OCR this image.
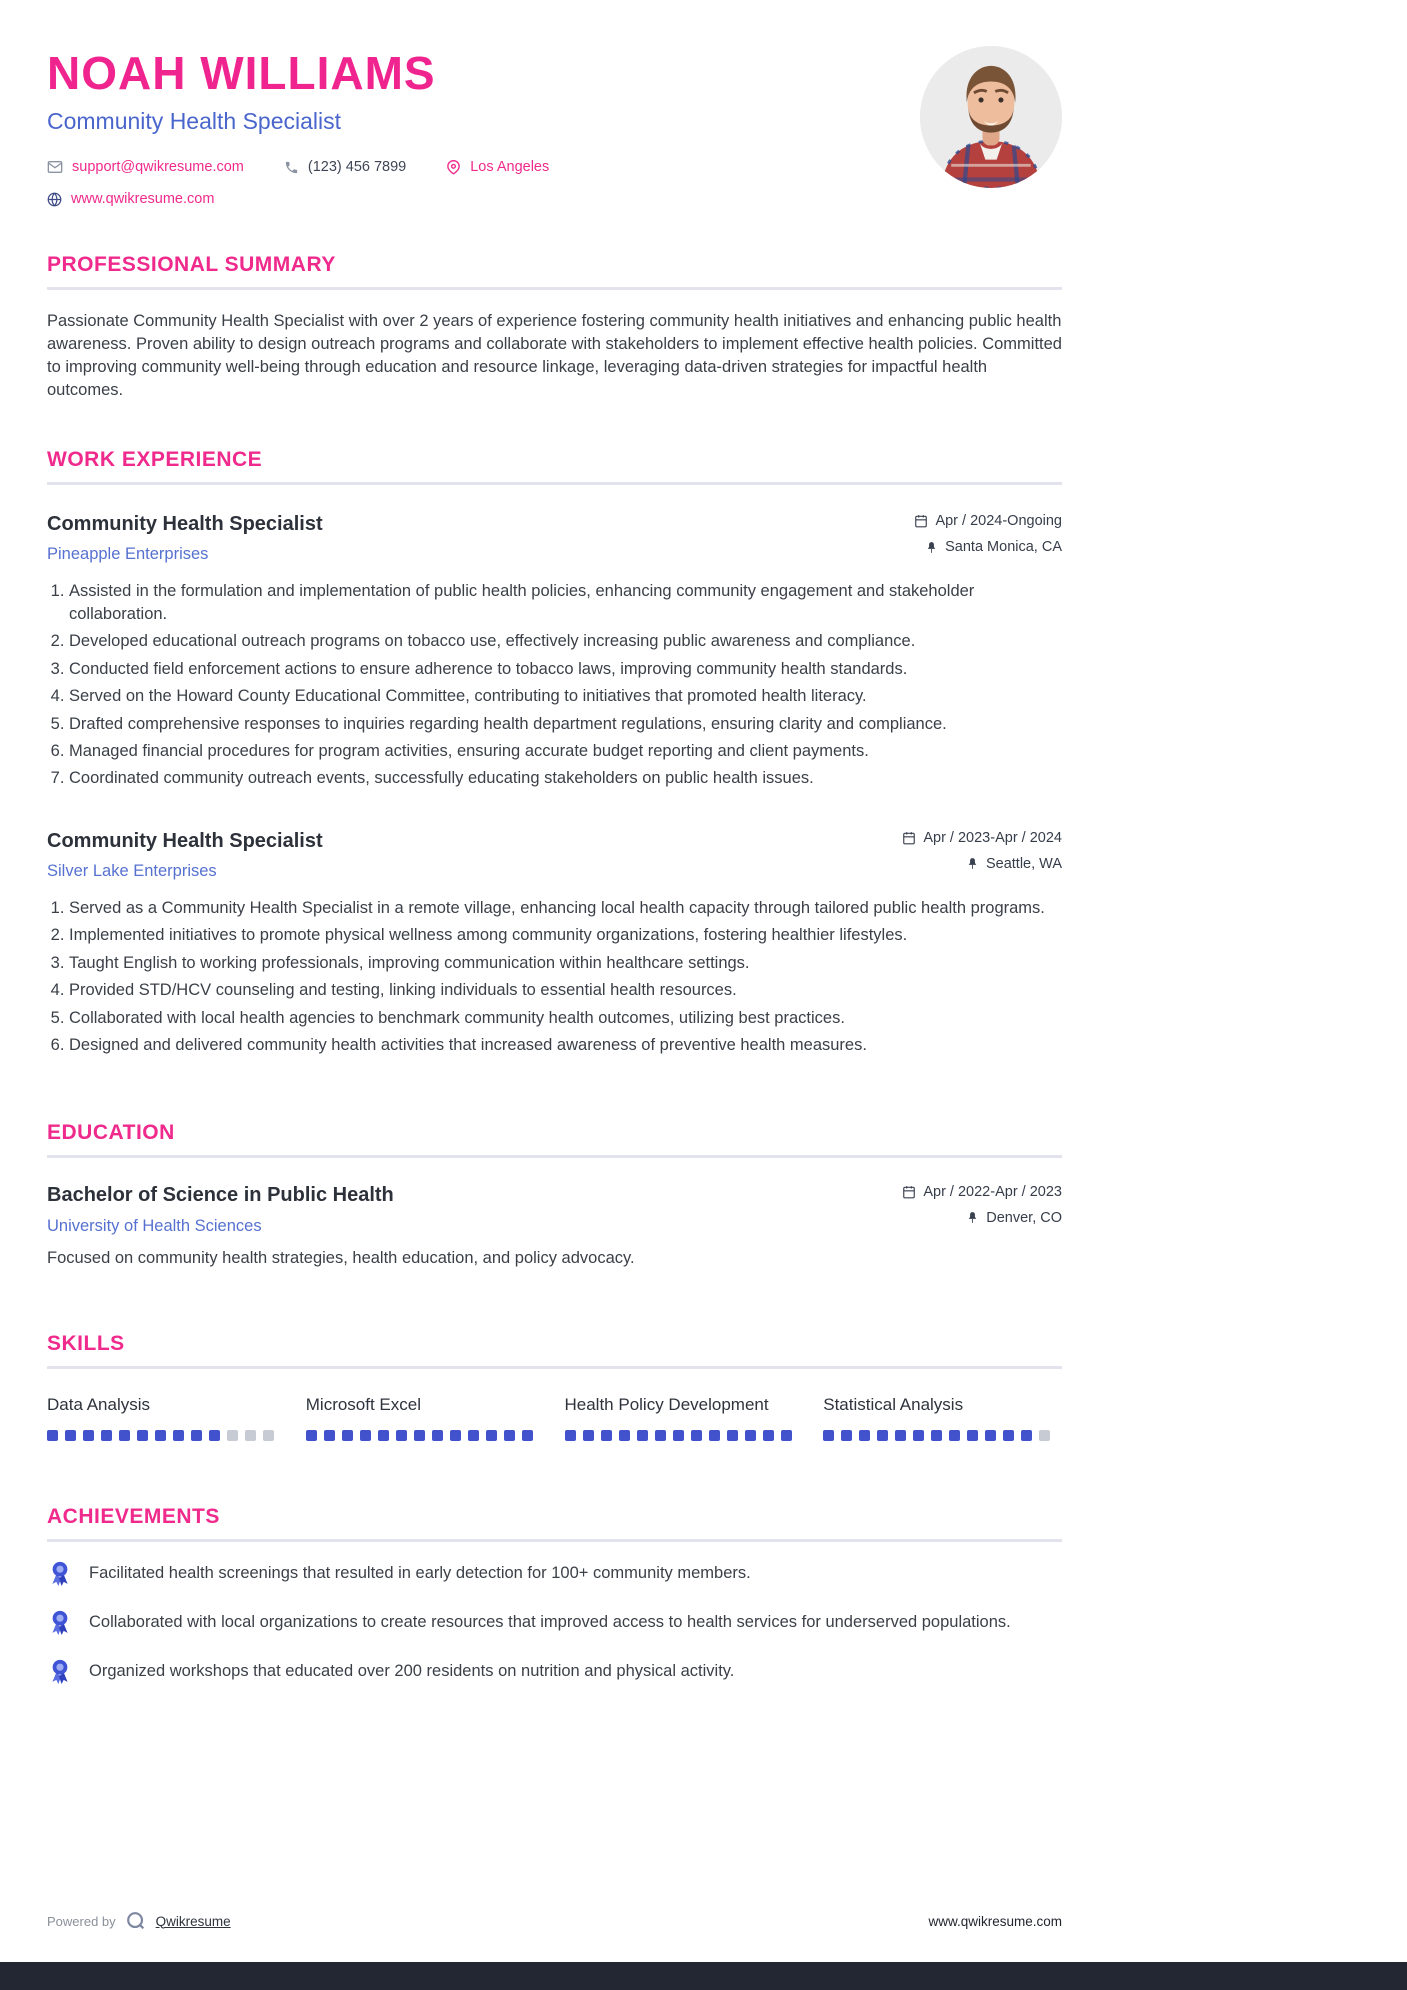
NOAH WILLIAMS
Community Health Specialist
support@qwikresume.com	(123) 456 7899	Los Angeles
www.qwikresume.com
PROFESSIONAL SUMMARY

Passionate Community Health Specialist with over 2 years of experience fostering community health initiatives and enhancing public health awareness. Proven ability to design outreach programs and collaborate with stakeholders to implement effective health policies. Committed to improving community well-being through education and resource linkage, leveraging data-driven strategies for impactful health outcomes.

WORK EXPERIENCE
Community Health Specialist
Pineapple Enterprises
Apr / 2024-Ongoing
Santa Monica, CA
1. Assisted in the formulation and implementation of public health policies, enhancing community engagement and stakeholder collaboration.
2. Developed educational outreach programs on tobacco use, effectively increasing public awareness and compliance.
3. Conducted field enforcement actions to ensure adherence to tobacco laws, improving community health standards.
4. Served on the Howard County Educational Committee, contributing to initiatives that promoted health literacy.
5. Drafted comprehensive responses to inquiries regarding health department regulations, ensuring clarity and compliance.
6. Managed financial procedures for program activities, ensuring accurate budget reporting and client payments.
7. Coordinated community outreach events, successfully educating stakeholders on public health issues.
Community Health Specialist
Silver Lake Enterprises
Apr / 2023-Apr / 2024
Seattle, WA
1. Served as a Community Health Specialist in a remote village, enhancing local health capacity through tailored public health programs.
2. Implemented initiatives to promote physical wellness among community organizations, fostering healthier lifestyles.
3. Taught English to working professionals, improving communication within healthcare settings.
4. Provided STD/HCV counseling and testing, linking individuals to essential health resources.
5. Collaborated with local health agencies to benchmark community health outcomes, utilizing best practices.
6. Designed and delivered community health activities that increased awareness of preventive health measures.
EDUCATION
Bachelor of Science in Public Health
University of Health Sciences
Apr / 2022-Apr / 2023
Denver, CO

Focused on community health strategies, health education, and policy advocacy.

SKILLS
Data Analysis	Microsoft Excel	Health Policy Development	Statistical Analysis
ACHIEVEMENTS
Facilitated health screenings that resulted in early detection for 100+ community members.
Collaborated with local organizations to create resources that improved access to health services for underserved populations.
Organized workshops that educated over 200 residents on nutrition and physical activity.
Powered by	Qwikresume	www.qwikresume.com
